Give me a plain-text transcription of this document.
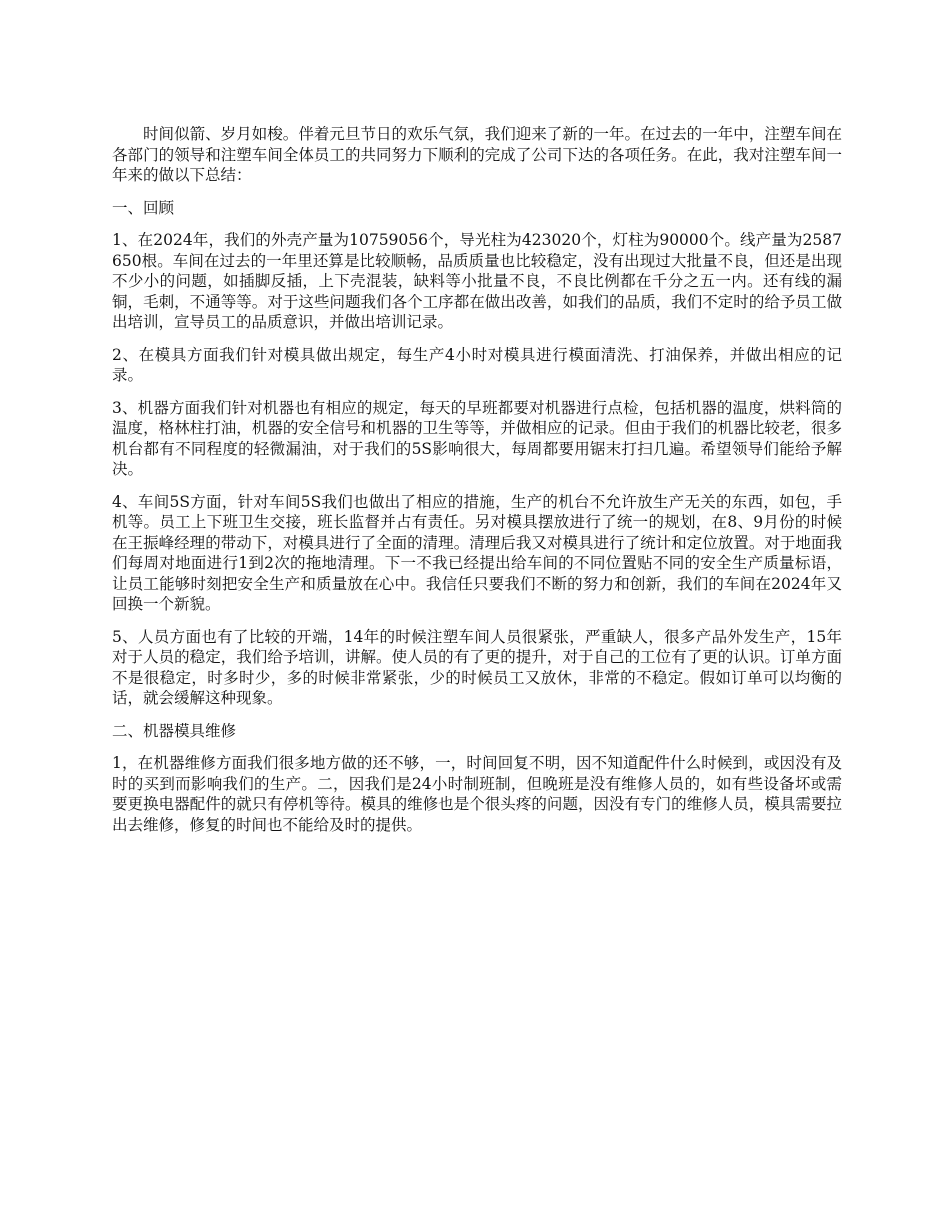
时间似箭、岁月如梭。伴着元旦节日的欢乐气氛，我们迎来了新的一年。在过去的一年中，注塑车间在各部门的领导和注塑车间全体员工的共同努力下顺利的完成了公司下达的各项任务。在此，我对注塑车间一年来的做以下总结：

一、回顾

1、在2024年，我们的外壳产量为10759056个，导光柱为423020个，灯柱为90000个。线产量为2587650根。车间在过去的一年里还算是比较顺畅，品质质量也比较稳定，没有出现过大批量不良，但还是出现不少小的问题，如插脚反插，上下壳混装，缺料等小批量不良，不良比例都在千分之五一内。还有线的漏铜，毛刺，不通等等。对于这些问题我们各个工序都在做出改善，如我们的品质，我们不定时的给予员工做出培训，宣导员工的品质意识，并做出培训记录。

2、在模具方面我们针对模具做出规定，每生产4小时对模具进行模面清洗、打油保养，并做出相应的记录。

3、机器方面我们针对机器也有相应的规定，每天的早班都要对机器进行点检，包括机器的温度，烘料筒的温度，格林柱打油，机器的安全信号和机器的卫生等等，并做相应的记录。但由于我们的机器比较老，很多机台都有不同程度的轻微漏油，对于我们的5S影响很大，每周都要用锯末打扫几遍。希望领导们能给予解决。

4、车间5S方面，针对车间5S我们也做出了相应的措施，生产的机台不允许放生产无关的东西，如包，手机等。员工上下班卫生交接，班长监督并占有责任。另对模具摆放进行了统一的规划，在8、9月份的时候在王振峰经理的带动下，对模具进行了全面的清理。清理后我又对模具进行了统计和定位放置。对于地面我们每周对地面进行1到2次的拖地清理。下一不我已经提出给车间的不同位置贴不同的安全生产质量标语，让员工能够时刻把安全生产和质量放在心中。我信任只要我们不断的努力和创新，我们的车间在2024年又回换一个新貌。

5、人员方面也有了比较的开端，14年的时候注塑车间人员很紧张，严重缺人，很多产品外发生产，15年对于人员的稳定，我们给予培训，讲解。使人员的有了更的提升，对于自己的工位有了更的认识。订单方面不是很稳定，时多时少，多的时候非常紧张，少的时候员工又放休，非常的不稳定。假如订单可以均衡的话，就会缓解这种现象。

二、机器模具维修

1，在机器维修方面我们很多地方做的还不够，一，时间回复不明，因不知道配件什么时候到，或因没有及时的买到而影响我们的生产。二，因我们是24小时制班制，但晚班是没有维修人员的，如有些设备坏或需要更换电器配件的就只有停机等待。模具的维修也是个很头疼的问题，因没有专门的维修人员，模具需要拉出去维修，修复的时间也不能给及时的提供。
